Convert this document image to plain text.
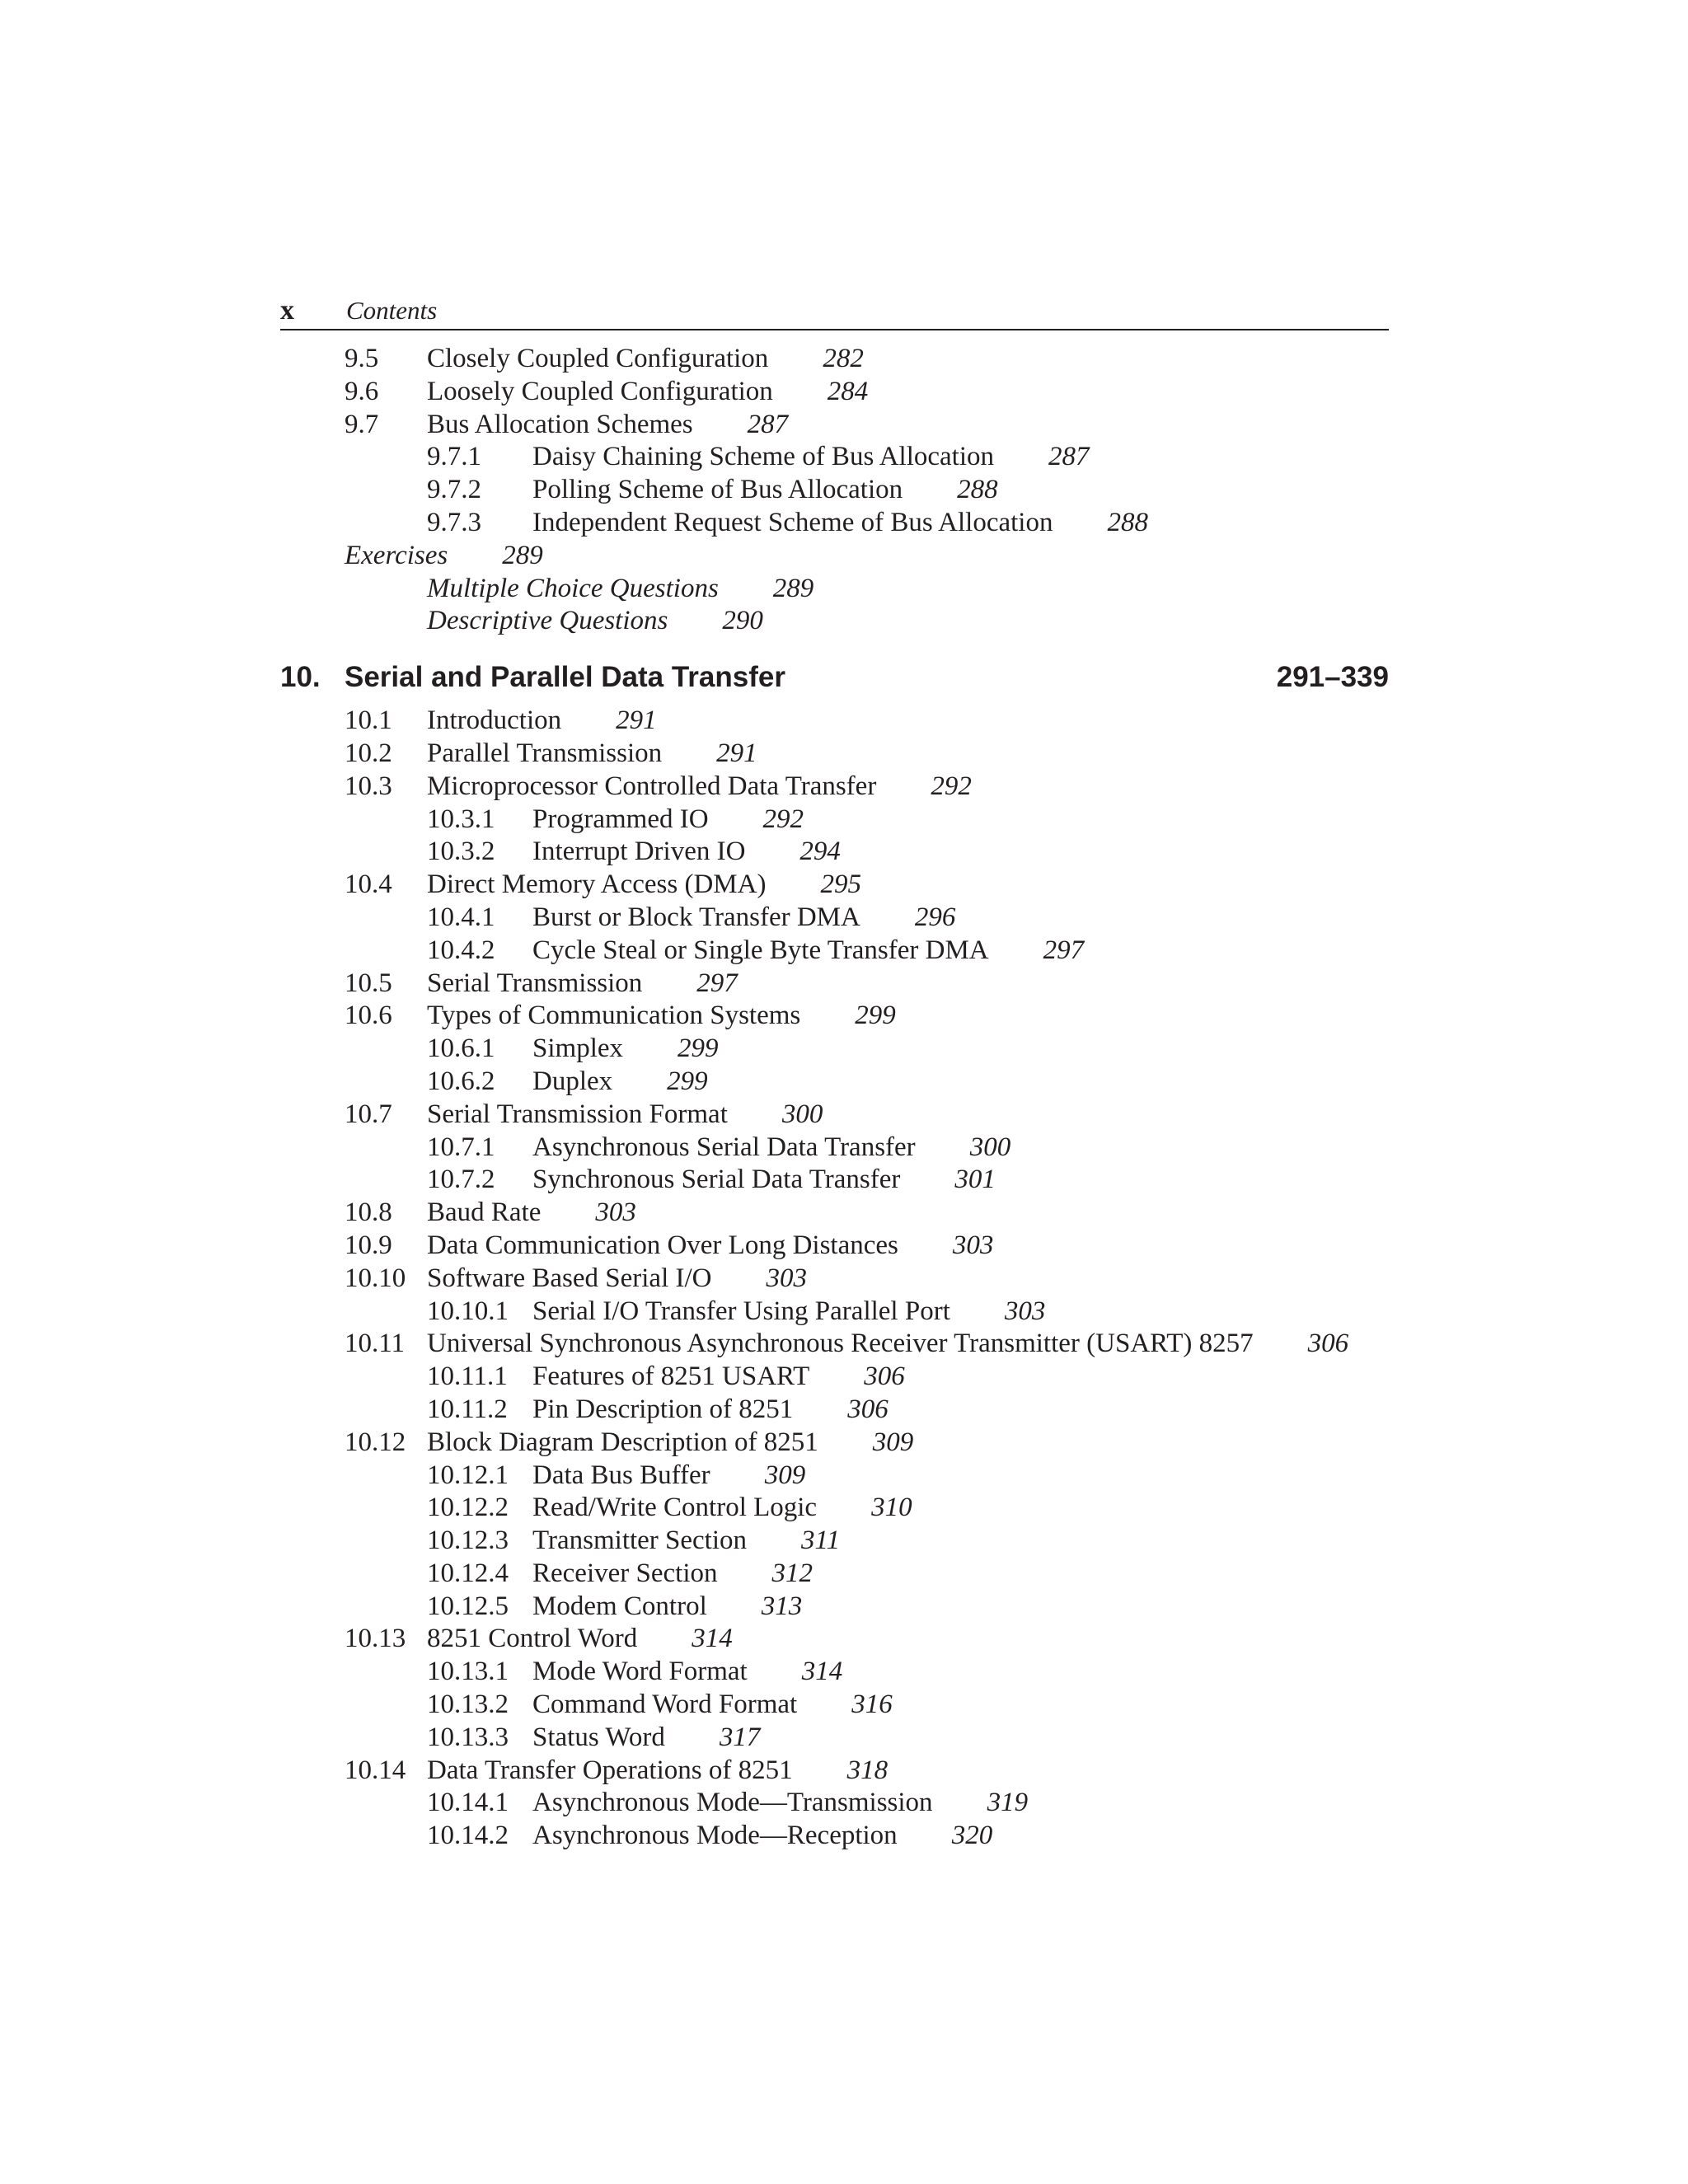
x Contents
9.5	Closely Coupled Configuration 282
9.6	Loosely Coupled Configuration 284
9.7	Bus Allocation Schemes 287
9.7.1	Daisy Chaining Scheme of Bus Allocation 287
9.7.2	Polling Scheme of Bus Allocation 288
9.7.3	Independent Request Scheme of Bus Allocation 288
Exercises 289
Multiple Choice Questions 289
Descriptive Questions 290
10. Serial and Parallel Data Transfer	291–339
10.1	Introduction 291
10.2	Parallel Transmission 291
10.3	Microprocessor Controlled Data Transfer 292
10.3.1	Programmed IO 292
10.3.2	Interrupt Driven IO 294
10.4	Direct Memory Access (DMA) 295
10.4.1	Burst or Block Transfer DMA 296
10.4.2	Cycle Steal or Single Byte Transfer DMA 297
10.5	Serial Transmission 297
10.6	Types of Communication Systems 299
10.6.1	Simplex 299
10.6.2	Duplex 299
10.7	Serial Transmission Format 300
10.7.1	Asynchronous Serial Data Transfer 300
10.7.2	Synchronous Serial Data Transfer 301
10.8	Baud Rate 303
10.9	Data Communication Over Long Distances 303
10.10 Software Based Serial I/O 303
10.10.1 Serial I/O Transfer Using Parallel Port 303
10.11 Universal Synchronous Asynchronous Receiver Transmitter (USART) 8257 306
10.11.1 Features of 8251 USART 306
10.11.2 Pin Description of 8251 306
10.12 Block Diagram Description of 8251 309
10.12.1 Data Bus Buffer 309
10.12.2 Read/Write Control Logic 310
10.12.3 Transmitter Section 311
10.12.4 Receiver Section 312
10.12.5 Modem Control 313
10.13 8251 Control Word 314
10.13.1 Mode Word Format 314
10.13.2 Command Word Format 316
10.13.3 Status Word 317
10.14 Data Transfer Operations of 8251 318
10.14.1 Asynchronous Mode—Transmission 319
10.14.2 Asynchronous Mode—Reception 320
